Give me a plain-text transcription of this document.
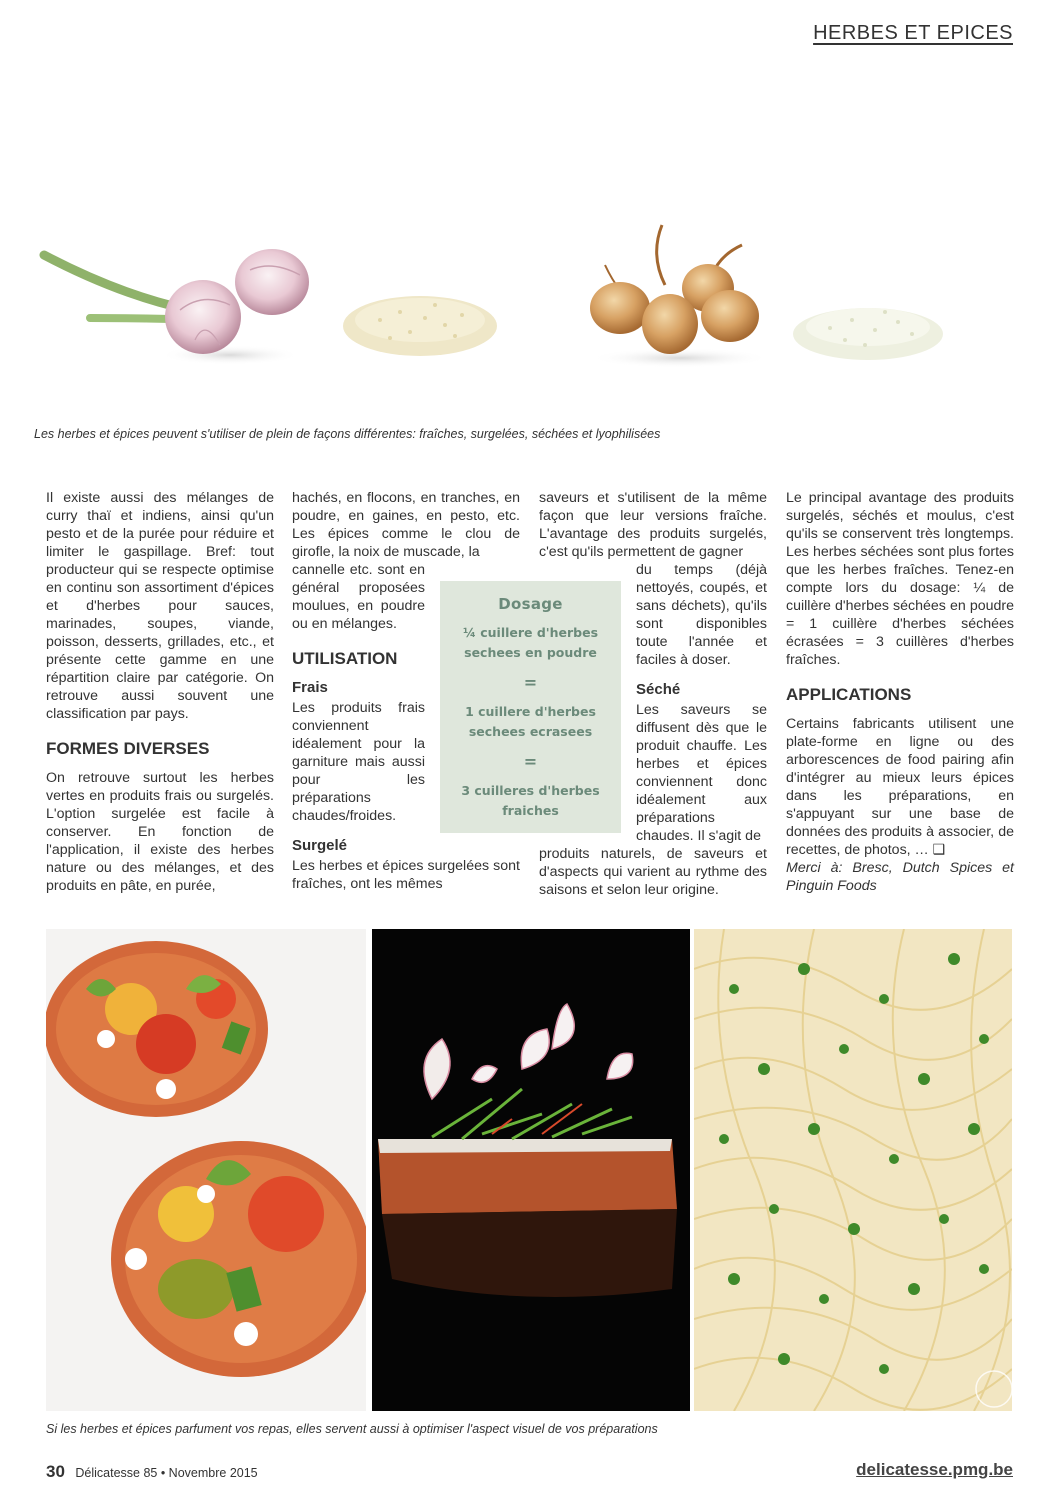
HERBES ET EPICES
Les herbes et épices peuvent s'utiliser de plein de façons différentes: fraîches, surgelées, séchées et lyophilisées

Il existe aussi des mélanges de curry thaï et indiens, ainsi qu'un pesto et de la purée pour réduire et limiter le gaspillage. Bref: tout producteur qui se respecte optimise en continu son assortiment d'épices et d'herbes pour sauces, marinades, soupes, viande, poisson, desserts, grillades, etc., et présente cette gamme en une répartition claire par catégorie. On retrouve aussi souvent une classification par pays.

FORMES DIVERSES

On retrouve surtout les herbes vertes en produits frais ou surgelés. L'option surgelée est facile à conserver. En fonction de l'application, il existe des herbes nature ou des mélanges, et des produits en pâte, en purée,

hachés, en flocons, en tranches, en poudre, en gaines, en pesto, etc. Les épices comme le clou de girofle, la noix de muscade, la

cannelle etc. sont en général proposées moulues, en poudre ou en mélanges.

UTILISATION
Frais

Les produits frais conviennent idéalement pour la garniture mais aussi pour les préparations chaudes/froides.

Surgelé

Les herbes et épices surgelées sont fraîches, ont les mêmes

saveurs et s'utilisent de la même façon que leur versions fraîche. L'avantage des produits surgelés, c'est qu'ils permettent de gagner

du temps (déjà nettoyés, coupés, et sans déchets), qu'ils sont disponibles toute l'année et faciles à doser.

Séché

Les saveurs se diffusent dès que le produit chauffe. Les herbes et épices conviennent donc idéalement aux préparations chaudes. Il s'agit de

produits naturels, de saveurs et d'aspects qui varient au rythme des saisons et selon leur origine.

Le principal avantage des produits surgelés, séchés et moulus, c'est qu'ils se conservent très longtemps. Les herbes séchées sont plus fortes que les herbes fraîches. Tenez-en compte lors du dosage: ¼ de cuillère d'herbes séchées en poudre = 1 cuillère d'herbes séchées écrasées = 3 cuillères d'herbes fraîches.

APPLICATIONS

Certains fabricants utilisent une plate-forme en ligne ou des arborescences de food pairing afin d'intégrer au mieux leurs épices dans les préparations, en s'appuyant sur une base de données des produits à associer, de recettes, de photos, … ❑

Merci à: Bresc, Dutch Spices et Pinguin Foods

Dosage
¼ cuillere d'herbes sechees en poudre
=
1 cuillere d'herbes sechees ecrasees
=
3 cuilleres d'herbes fraiches
Si les herbes et épices parfument vos repas, elles servent aussi à optimiser l'aspect visuel de vos préparations
30 Délicatesse 85 • Novembre 2015	delicatesse.pmg.be
